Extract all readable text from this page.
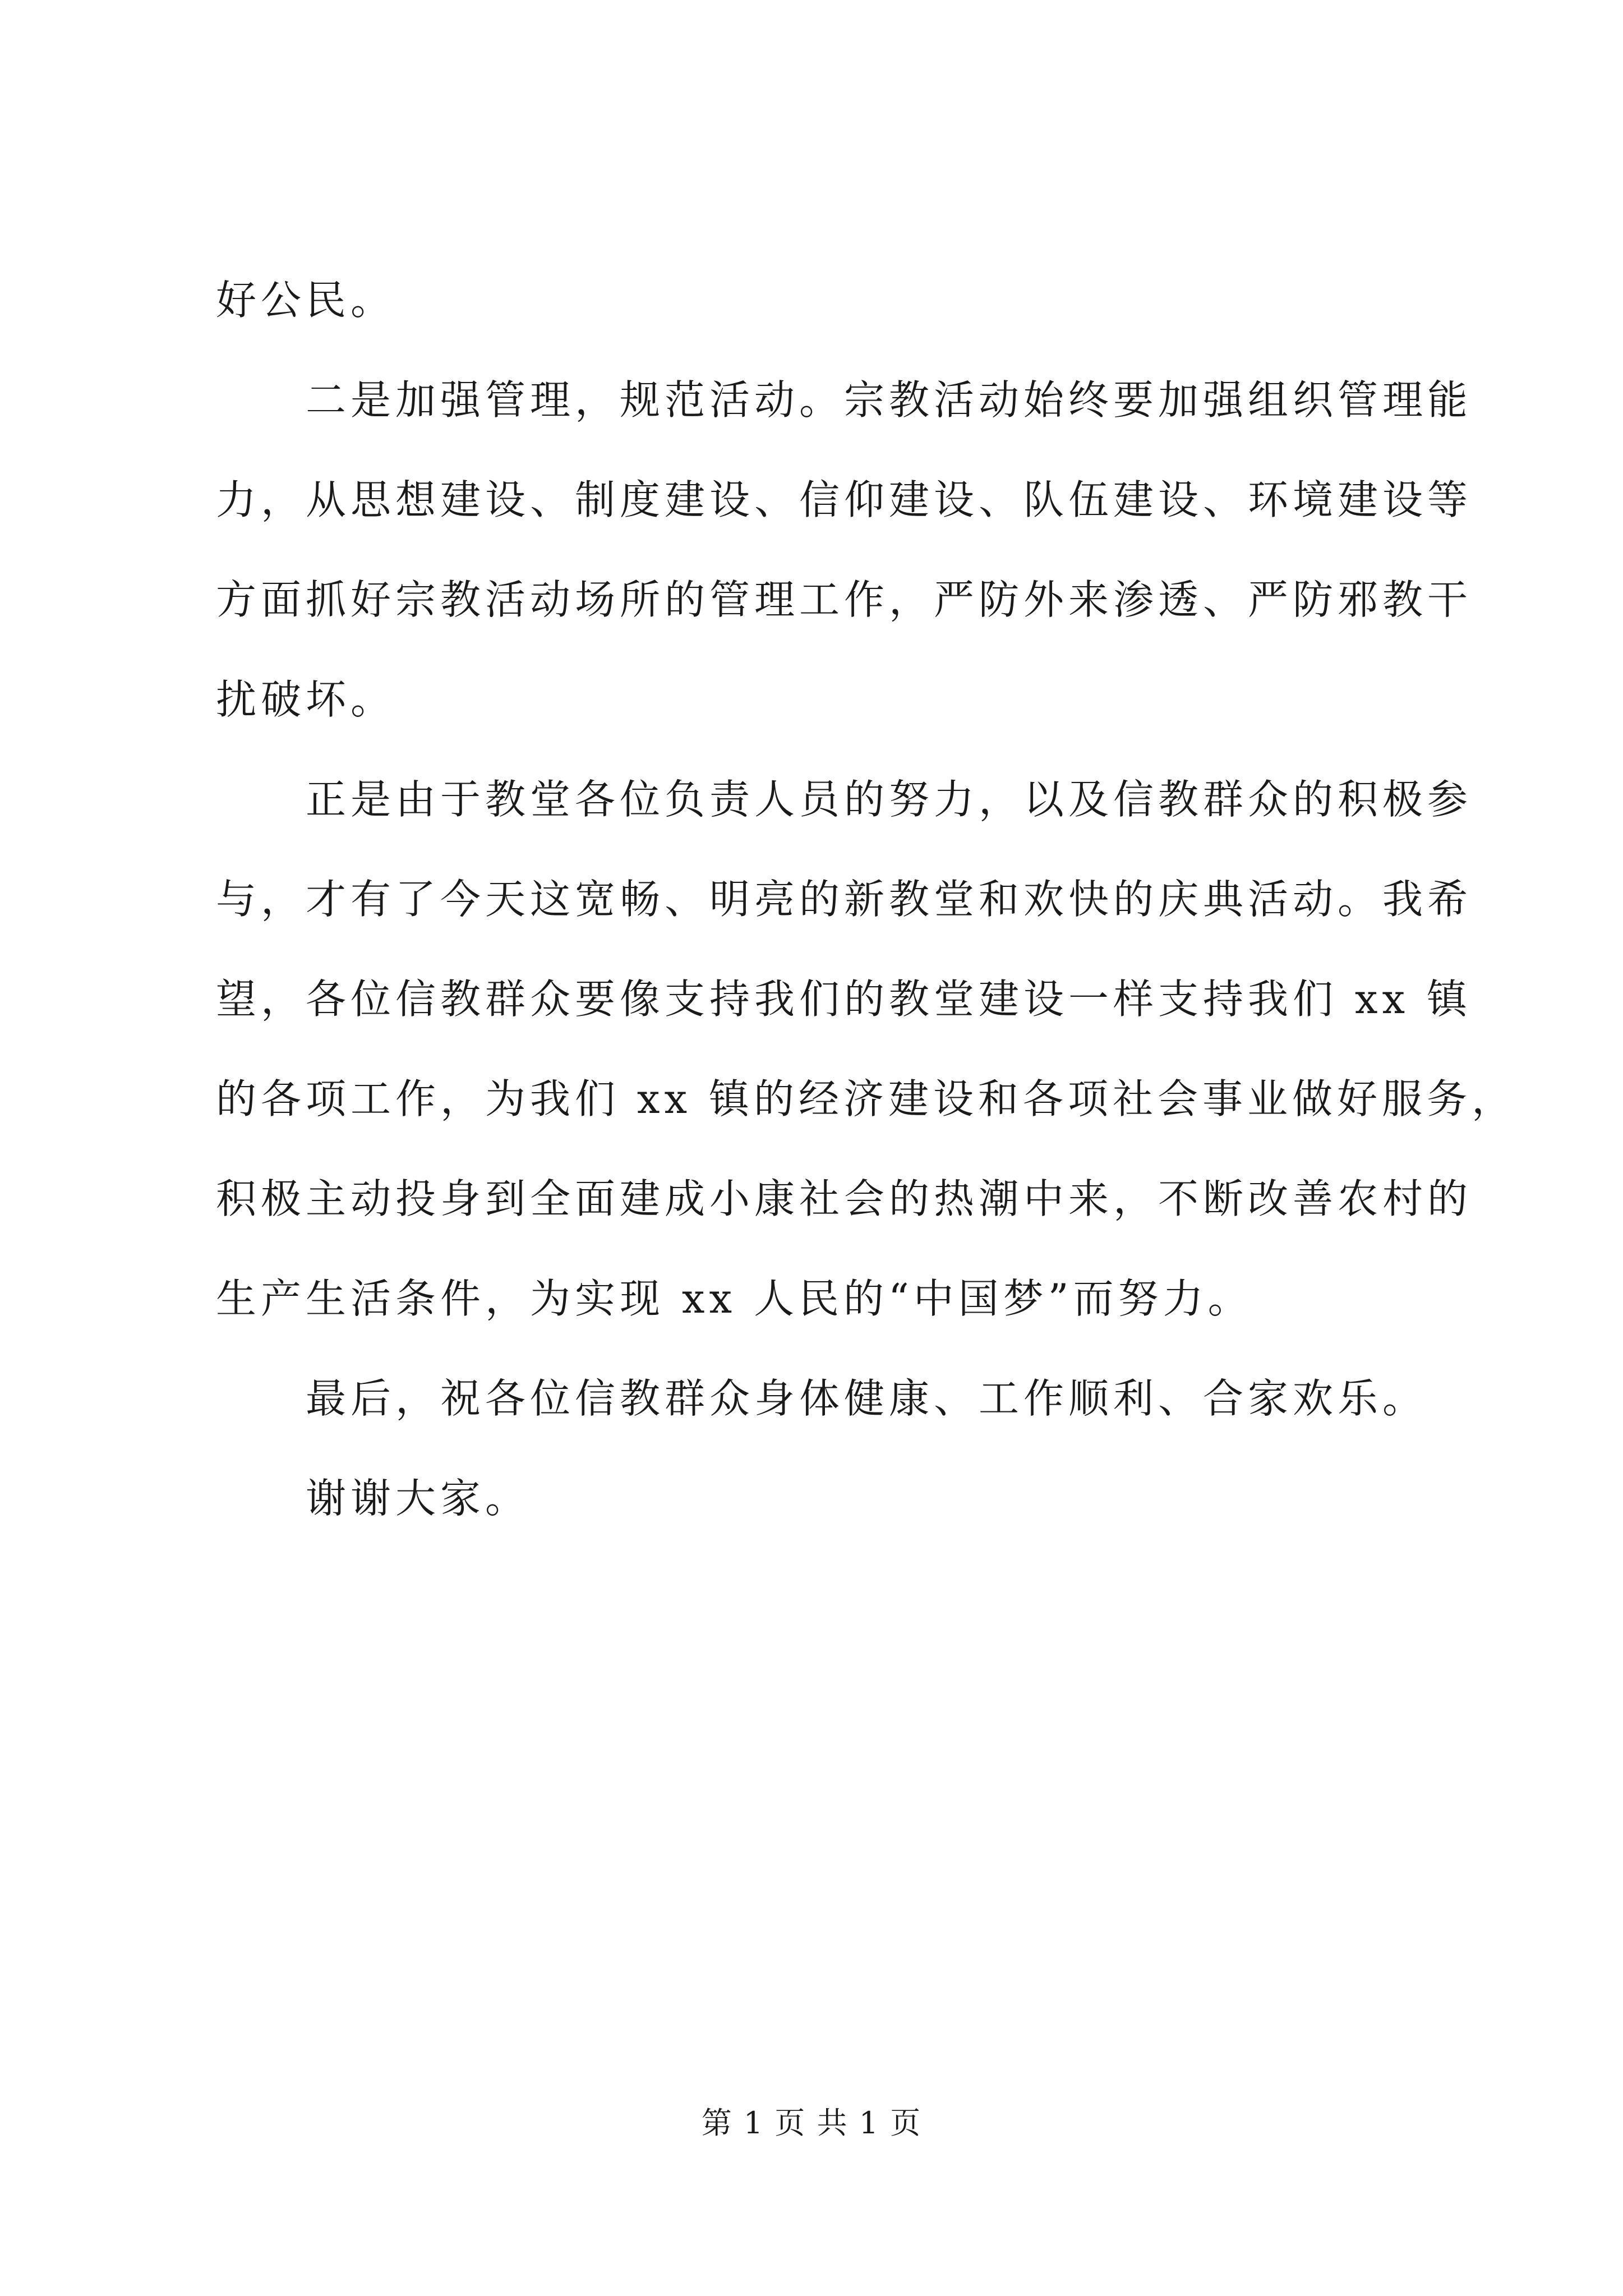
好公民。

二是加强管理，规范活动。宗教活动始终要加强组织管理能
力，从思想建设、制度建设、信仰建设、队伍建设、环境建设等
方面抓好宗教活动场所的管理工作，严防外来渗透、严防邪教干
扰破坏。

正是由于教堂各位负责人员的努力，以及信教群众的积极参
与，才有了今天这宽畅、明亮的新教堂和欢快的庆典活动。我希
望，各位信教群众要像支持我们的教堂建设一样支持我们 xx 镇
的各项工作，为我们 xx 镇的经济建设和各项社会事业做好服务，
积极主动投身到全面建成小康社会的热潮中来，不断改善农村的
生产生活条件，为实现 xx 人民的“中国梦”而努力。

最后，祝各位信教群众身体健康、工作顺利、合家欢乐。

谢谢大家。

第 1 页 共 1 页
